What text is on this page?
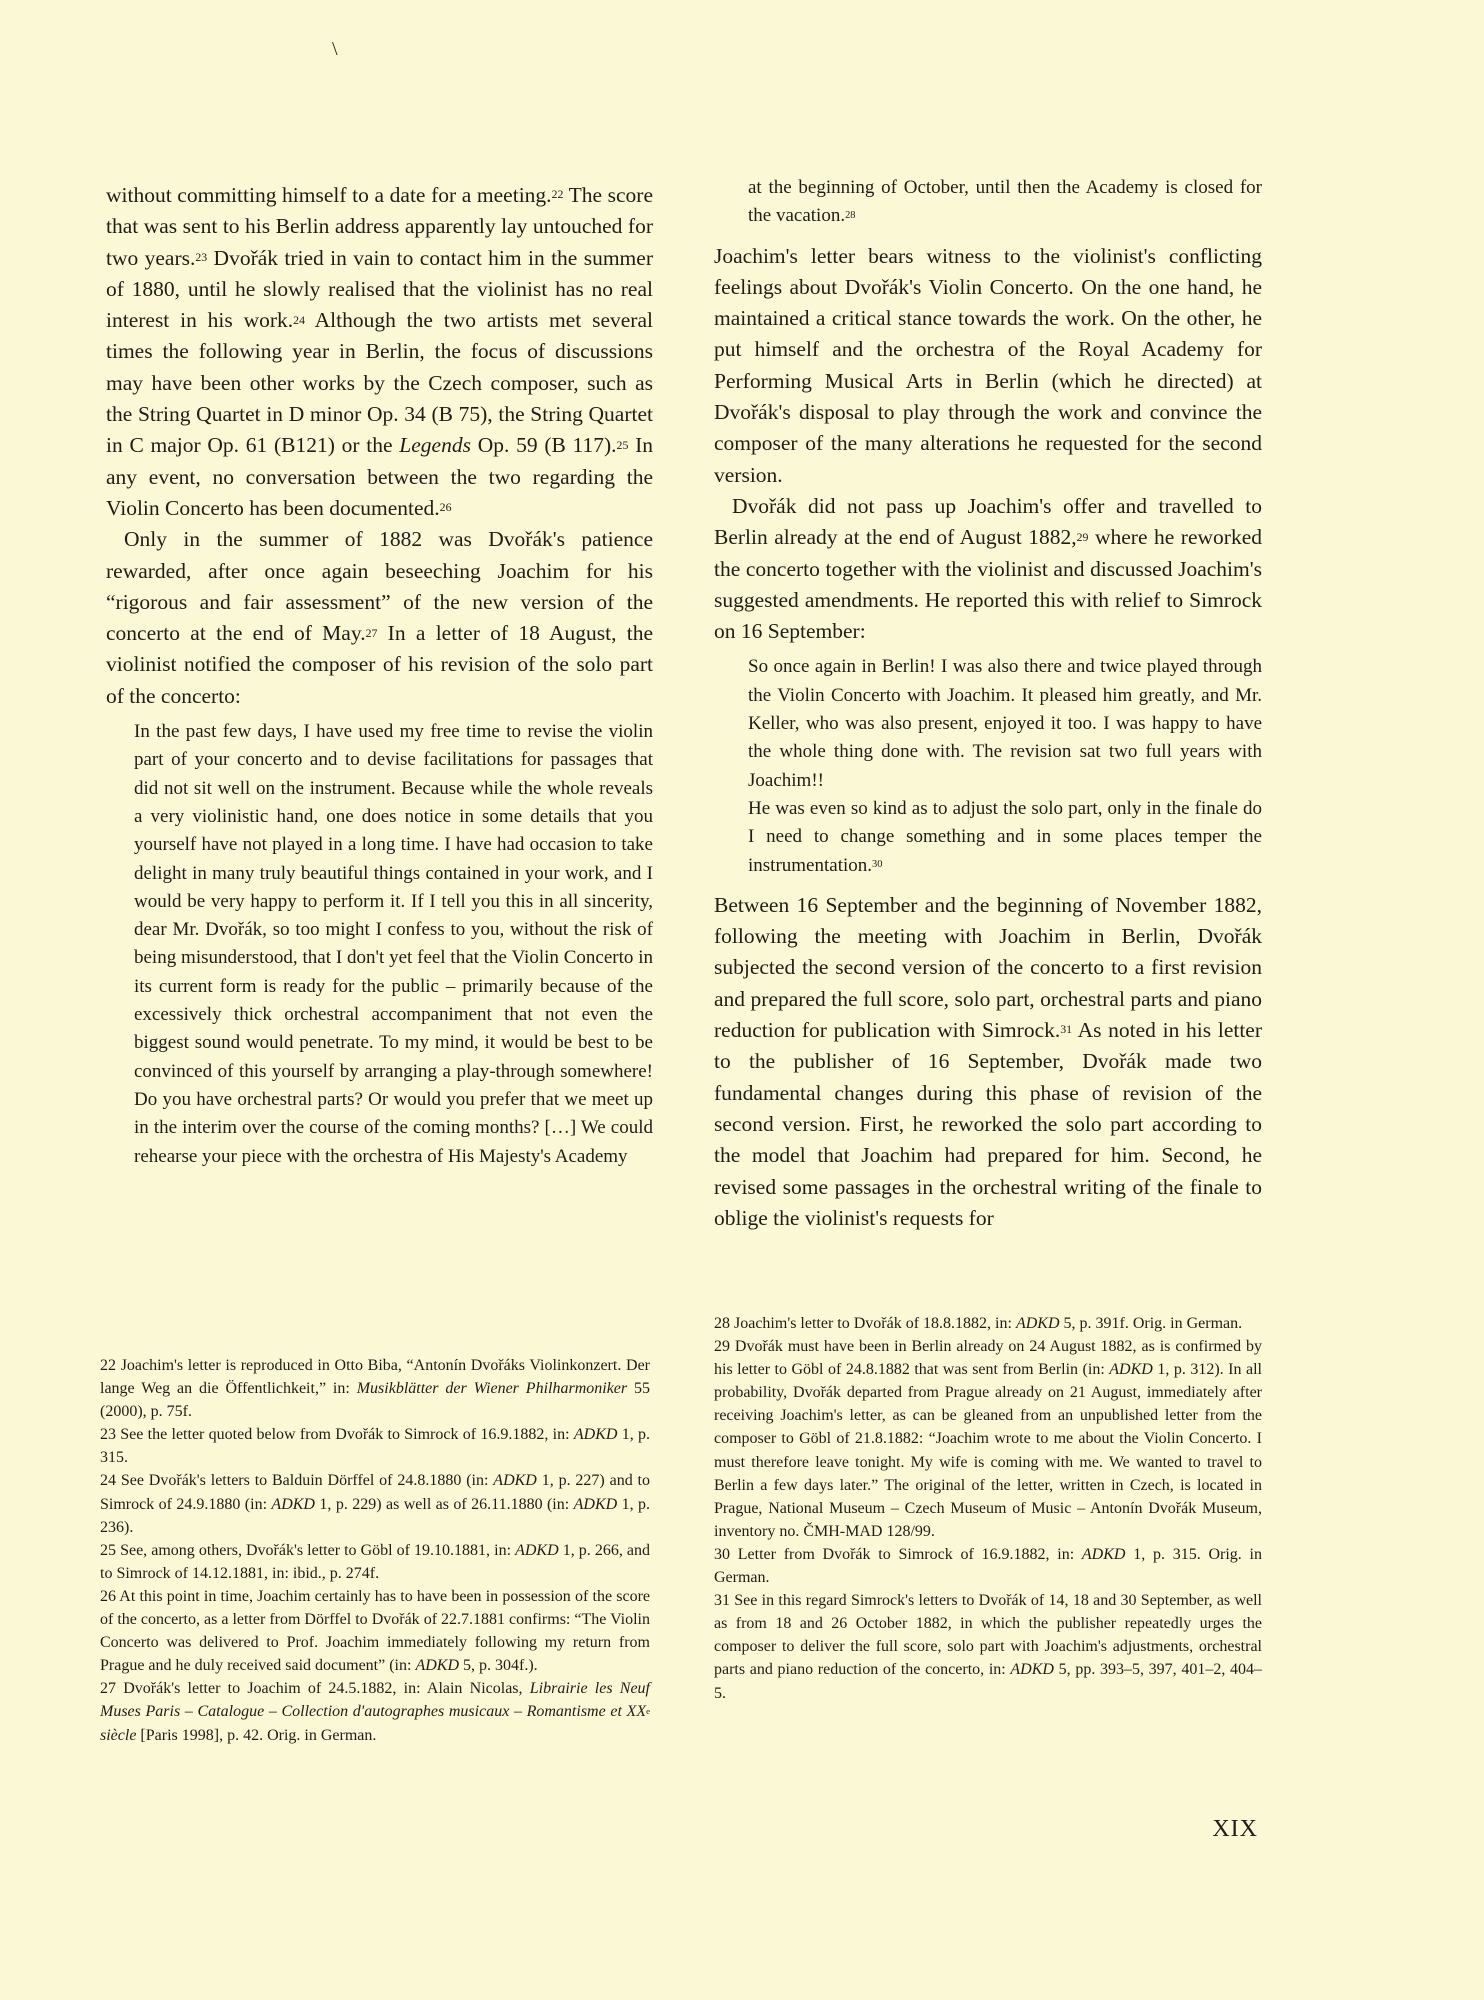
\

without committing himself to a date for a meeting.$^{22}$ The score that was sent to his Berlin address apparently lay untouched for two years.$^{23}$ Dvořák tried in vain to contact him in the summer of 1880, until he slowly realised that the violinist has no real interest in his work.$^{24}$ Although the two artists met several times the following year in Berlin, the focus of discussions may have been other works by the Czech composer, such as the String Quartet in D minor Op. 34 (B 75), the String Quartet in C major Op. 61 (B121) or the Legends Op. 59 (B 117).$^{25}$ In any event, no conversation between the two regarding the Violin Concerto has been documented.$^{26}$

Only in the summer of 1882 was Dvořák's patience rewarded, after once again beseeching Joachim for his “rigorous and fair assessment” of the new version of the concerto at the end of May.$^{27}$ In a letter of 18 August, the violinist notified the composer of his revision of the solo part of the concerto:

In the past few days, I have used my free time to revise the violin part of your concerto and to devise facilitations for passages that did not sit well on the instrument. Because while the whole reveals a very violinistic hand, one does notice in some details that you yourself have not played in a long time. I have had occasion to take delight in many truly beautiful things contained in your work, and I would be very happy to perform it. If I tell you this in all sincerity, dear Mr. Dvořák, so too might I confess to you, without the risk of being misunderstood, that I don't yet feel that the Violin Concerto in its current form is ready for the public – primarily because of the excessively thick orchestral accompaniment that not even the biggest sound would penetrate. To my mind, it would be best to be convinced of this yourself by arranging a play-through somewhere! Do you have orchestral parts? Or would you prefer that we meet up in the interim over the course of the coming months? […] We could rehearse your piece with the orchestra of His Majesty's Academy

at the beginning of October, until then the Academy is closed for the vacation.$^{28}$

Joachim's letter bears witness to the violinist's conflicting feelings about Dvořák's Violin Concerto. On the one hand, he maintained a critical stance towards the work. On the other, he put himself and the orchestra of the Royal Academy for Performing Musical Arts in Berlin (which he directed) at Dvořák's disposal to play through the work and convince the composer of the many alterations he requested for the second version.

Dvořák did not pass up Joachim's offer and travelled to Berlin already at the end of August 1882,29 where he reworked the concerto together with the violinist and discussed Joachim's suggested amendments. He reported this with relief to Simrock on 16 September:

So once again in Berlin! I was also there and twice played through the Violin Concerto with Joachim. It pleased him greatly, and Mr. Keller, who was also present, enjoyed it too. I was happy to have the whole thing done with. The revision sat two full years with Joachim!!

He was even so kind as to adjust the solo part, only in the finale do I need to change something and in some places temper the instrumentation.$^{30}$

Between 16 September and the beginning of November 1882, following the meeting with Joachim in Berlin, Dvořák subjected the second version of the concerto to a first revision and prepared the full score, solo part, orchestral parts and piano reduction for publication with Simrock.$^{31}$ As noted in his letter to the publisher of 16 September, Dvořák made two fundamental changes during this phase of revision of the second version. First, he reworked the solo part according to the model that Joachim had prepared for him. Second, he revised some passages in the orchestral writing of the finale to oblige the violinist's requests for

22 Joachim's letter is reproduced in Otto Biba, “Antonín Dvořáks Violinkonzert. Der lange Weg an die Öffentlichkeit,” in: Musikblätter der Wiener Philharmoniker 55 (2000), p. 75f.

23 See the letter quoted below from Dvořák to Simrock of 16.9.1882, in: ADKD 1, p. 315.

24 See Dvořák's letters to Balduin Dörffel of 24.8.1880 (in: ADKD 1, p. 227) and to Simrock of 24.9.1880 (in: ADKD 1, p. 229) as well as of 26.11.1880 (in: ADKD 1, p. 236).

25 See, among others, Dvořák's letter to Göbl of 19.10.1881, in: ADKD 1, p. 266, and to Simrock of 14.12.1881, in: ibid., p. 274f.

26 At this point in time, Joachim certainly has to have been in possession of the score of the concerto, as a letter from Dörffel to Dvořák of 22.7.1881 confirms: “The Violin Concerto was delivered to Prof. Joachim immediately following my return from Prague and he duly received said document” (in: ADKD 5, p. 304f.).

27 Dvořák's letter to Joachim of 24.5.1882, in: Alain Nicolas, Librairie les Neuf Muses Paris – Catalogue – Collection d'autographes musicaux – Romantisme et XXe siècle [Paris 1998], p. 42. Orig. in German.

28 Joachim's letter to Dvořák of 18.8.1882, in: ADKD 5, p. 391f. Orig. in German.

29 Dvořák must have been in Berlin already on 24 August 1882, as is confirmed by his letter to Göbl of 24.8.1882 that was sent from Berlin (in: ADKD 1, p. 312). In all probability, Dvořák departed from Prague already on 21 August, immediately after receiving Joachim's letter, as can be gleaned from an unpublished letter from the composer to Göbl of 21.8.1882: “Joachim wrote to me about the Violin Concerto. I must therefore leave tonight. My wife is coming with me. We wanted to travel to Berlin a few days later.” The original of the letter, written in Czech, is located in Prague, National Museum – Czech Museum of Music – Antonín Dvořák Museum, inventory no. ČMH-MAD 128/99.

30 Letter from Dvořák to Simrock of 16.9.1882, in: ADKD 1, p. 315. Orig. in German.

31 See in this regard Simrock's letters to Dvořák of 14, 18 and 30 September, as well as from 18 and 26 October 1882, in which the publisher repeatedly urges the composer to deliver the full score, solo part with Joachim's adjustments, orchestral parts and piano reduction of the concerto, in: ADKD 5, pp. 393–5, 397, 401–2, 404–5.

XIX
